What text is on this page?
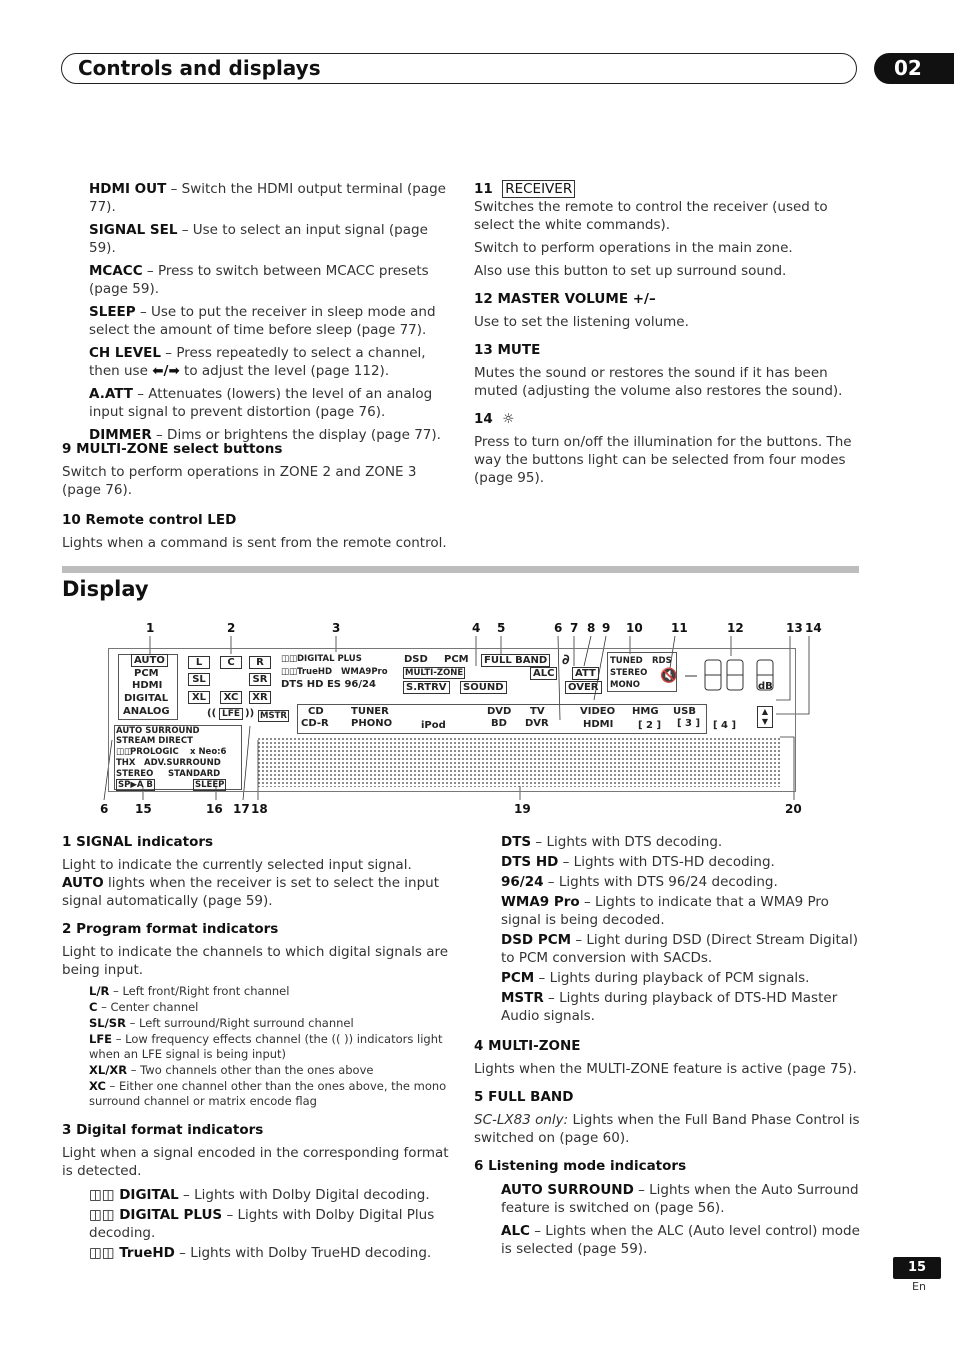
Controls and displays	02

HDMI OUT – Switch the HDMI output terminal (page 77).

SIGNAL SEL – Use to select an input signal (page 59).

MCACC – Press to switch between MCACC presets (page 59).

SLEEP – Use to put the receiver in sleep mode and select the amount of time before sleep (page 77).

CH LEVEL – Press repeatedly to select a channel, then use ⬅/➡ to adjust the level (page 112).

A.ATT – Attenuates (lowers) the level of an analog input signal to prevent distortion (page 76).

DIMMER – Dims or brightens the display (page 77).

9 MULTI-ZONE select buttons

Switch to perform operations in ZONE 2 and ZONE 3 (page 76).

10 Remote control LED

Lights when a command is sent from the remote control.

11 RECEIVER

Switches the remote to control the receiver (used to select the white commands).

Switch to perform operations in the main zone.

Also use this button to set up surround sound.

12 MASTER VOLUME +/–

Use to set the listening volume.

13 MUTE

Mutes the sound or restores the sound if it has been muted (adjusting the volume also restores the sound).

14 ☼

Press to turn on/off the illumination for the buttons. The way the buttons light can be selected from four modes (page 95).

Display
1	2	3	4 5	6 7 8 9 10 11	12	13 14
AUTO
PCM
HDMI
DIGITAL
ANALOG
L	C	R
SL	SR
XL	XC	XR
(( LFE )) MSTR
◫◫ DIGITAL PLUS
◫◫ TrueHD WMA9Pro
DTS HD ES 96/24
DSD PCM	FULL BAND
MULTI-ZONE	ALC
S.RTRV	SOUND
∂
ATT
OVER
TUNED RDS
STEREO
MONO
🔇
dB
CD
CD-R
TUNER
PHONO	iPod
DVD
BD
TV
DVR
VIDEO
HDMI
HMG USB
[ 2 ] [ 3 ] [ 4 ]
▲
▼
AUTO SURROUND
STREAM DIRECT
◫◫
PROLOGIC x Neo:6
THX ADV.SURROUND
STEREO STANDARD
SP▶A B	SLEEP
6 15	16 17 18	19	20

1 SIGNAL indicators

Light to indicate the currently selected input signal.

AUTO lights when the receiver is set to select the input signal automatically (page 59).

2 Program format indicators

Light to indicate the channels to which digital signals are being input.

L/R – Left front/Right front channel
C – Center channel
SL/SR – Left surround/Right surround channel
LFE – Low frequency effects channel (the (( )) indicators light when an LFE signal is being input)
XL/XR – Two channels other than the ones above
XC – Either one channel other than the ones above, the mono surround channel or matrix encode flag

3 Digital format indicators

Light when a signal encoded in the corresponding format is detected.

◫◫ DIGITAL – Lights with Dolby Digital decoding.

◫◫ DIGITAL PLUS – Lights with Dolby Digital Plus decoding.

◫◫ TrueHD – Lights with Dolby TrueHD decoding.

DTS – Lights with DTS decoding.

DTS HD – Lights with DTS-HD decoding.

96/24 – Lights with DTS 96/24 decoding.

WMA9 Pro – Lights to indicate that a WMA9 Pro signal is being decoded.

DSD PCM – Light during DSD (Direct Stream Digital) to PCM conversion with SACDs.

PCM – Lights during playback of PCM signals.

MSTR – Lights during playback of DTS-HD Master Audio signals.

4 MULTI-ZONE

Lights when the MULTI-ZONE feature is active (page 75).

5 FULL BAND

SC-LX83 only: Lights when the Full Band Phase Control is switched on (page 60).

6 Listening mode indicators

AUTO SURROUND – Lights when the Auto Surround feature is switched on (page 56).

ALC – Lights when the ALC (Auto level control) mode is selected (page 59).

15
En
